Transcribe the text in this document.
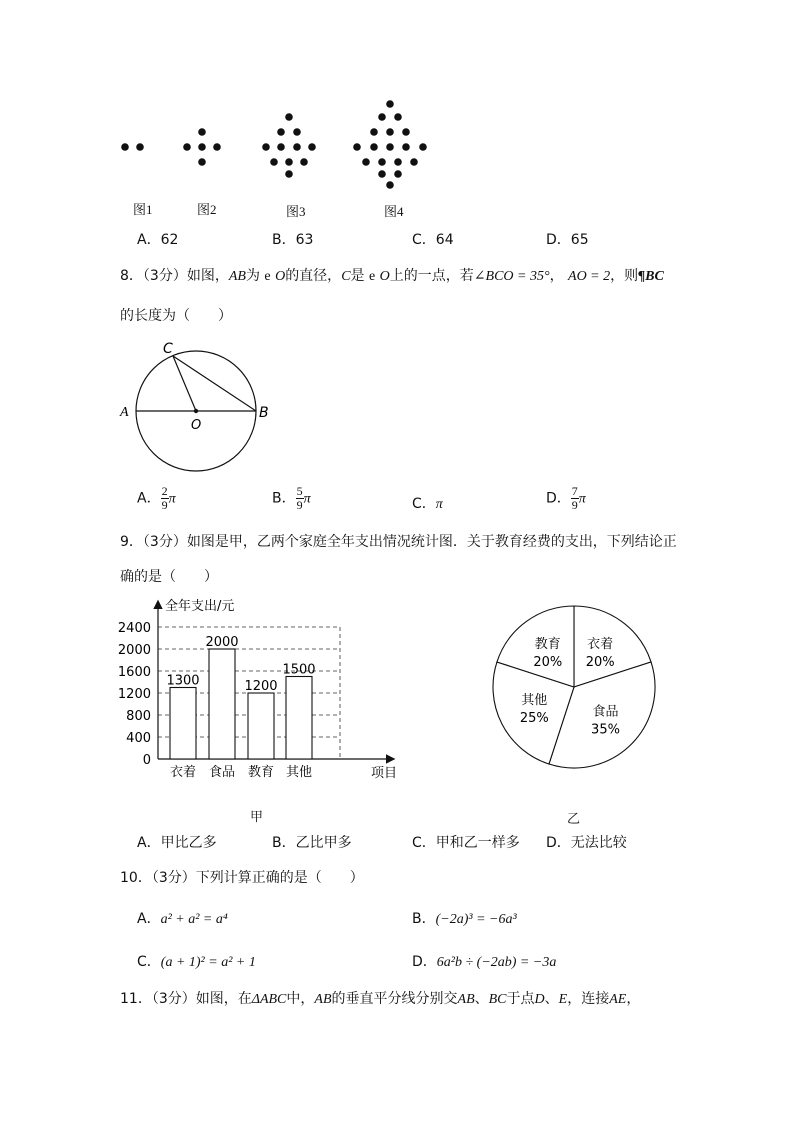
图1	图2	图3	图4
A．62	B．63	C．64	D．65
8．（3分）如图，AB为 e O的直径，C是 e O上的一点，若∠BCO = 35°， AO = 2，则¶BC
的长度为（　　）
A	B
C
O
A． $\frac{2}{9}$ π	B． $\frac{5}{9}$ π	C．π	D． $\frac{7}{9}$ π
9．（3分）如图是甲，乙两个家庭全年支出情况统计图．关于教育经费的支出，下列结论正
确的是（　　）
全年支出/元
项目
0
400
800
1200
1600
2000
2400
1300
衣着
2000
食品
1200
教育
1500
其他
衣着
20%
食品
35%
其他
25%
教育
20%
甲	乙
A．甲比乙多	B．乙比甲多	C．甲和乙一样多 D．无法比较
10．（3分）下列计算正确的是（　　）
A．a² + a² = a⁴	B．(−2a)³ = −6a³
C．(a + 1)² = a² + 1	D．6a²b ÷ (−2ab) = −3a
11．（3分）如图，在ΔABC中，AB的垂直平分线分别交AB、BC于点D、E，连接AE，
